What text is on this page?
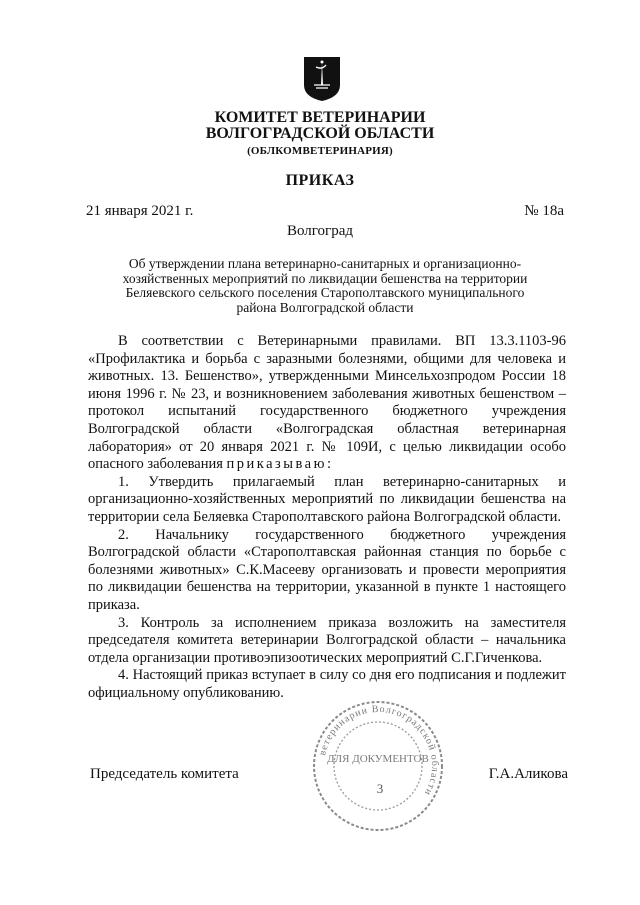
КОМИТЕТ ВЕТЕРИНАРИИ
ВОЛГОГРАДСКОЙ ОБЛАСТИ
(ОБЛКОМВЕТЕРИНАРИЯ)
ПРИКАЗ
21 января 2021 г.	№ 18а
Волгоград
Об утверждении плана ветеринарно-санитарных и организационно-
хозяйственных мероприятий по ликвидации бешенства на территории
Беляевского сельского поселения Старополтавского муниципального
района Волгоградской области

В соответствии с Ветеринарными правилами. ВП 13.3.1103-96 «Профилактика и борьба с заразными болезнями, общими для человека и животных. 13. Бешенство», утвержденными Минсельхозпродом России 18 июня 1996 г. № 23, и возникновением заболевания животных бешенством – протокол испытаний государственного бюджетного учреждения Волгоградской области «Волгоградская областная ветеринарная лаборатория» от 20 января 2021 г. № 109И, с целью ликвидации особо опасного заболевания приказываю:

1. Утвердить прилагаемый план ветеринарно-санитарных и организационно-хозяйственных мероприятий по ликвидации бешенства на территории села Беляевка Старополтавского района Волгоградской области.

2. Начальнику государственного бюджетного учреждения Волгоградской области «Старополтавская районная станция по борьбе с болезнями животных» С.К.Масееву организовать и провести мероприятия по ликвидации бешенства на территории, указанной в пункте 1 настоящего приказа.

3. Контроль за исполнением приказа возложить на заместителя председателя комитета ветеринарии Волгоградской области – начальника отдела организации противоэпизоотических мероприятий С.Г.Гиченкова.

4. Настоящий приказ вступает в силу со дня его подписания и подлежит официальному опубликованию.

Председатель комитета	Г.А.Аликова
ветеринарии Волгоградской области
ДЛЯ ДОКУМЕНТОВ
3
